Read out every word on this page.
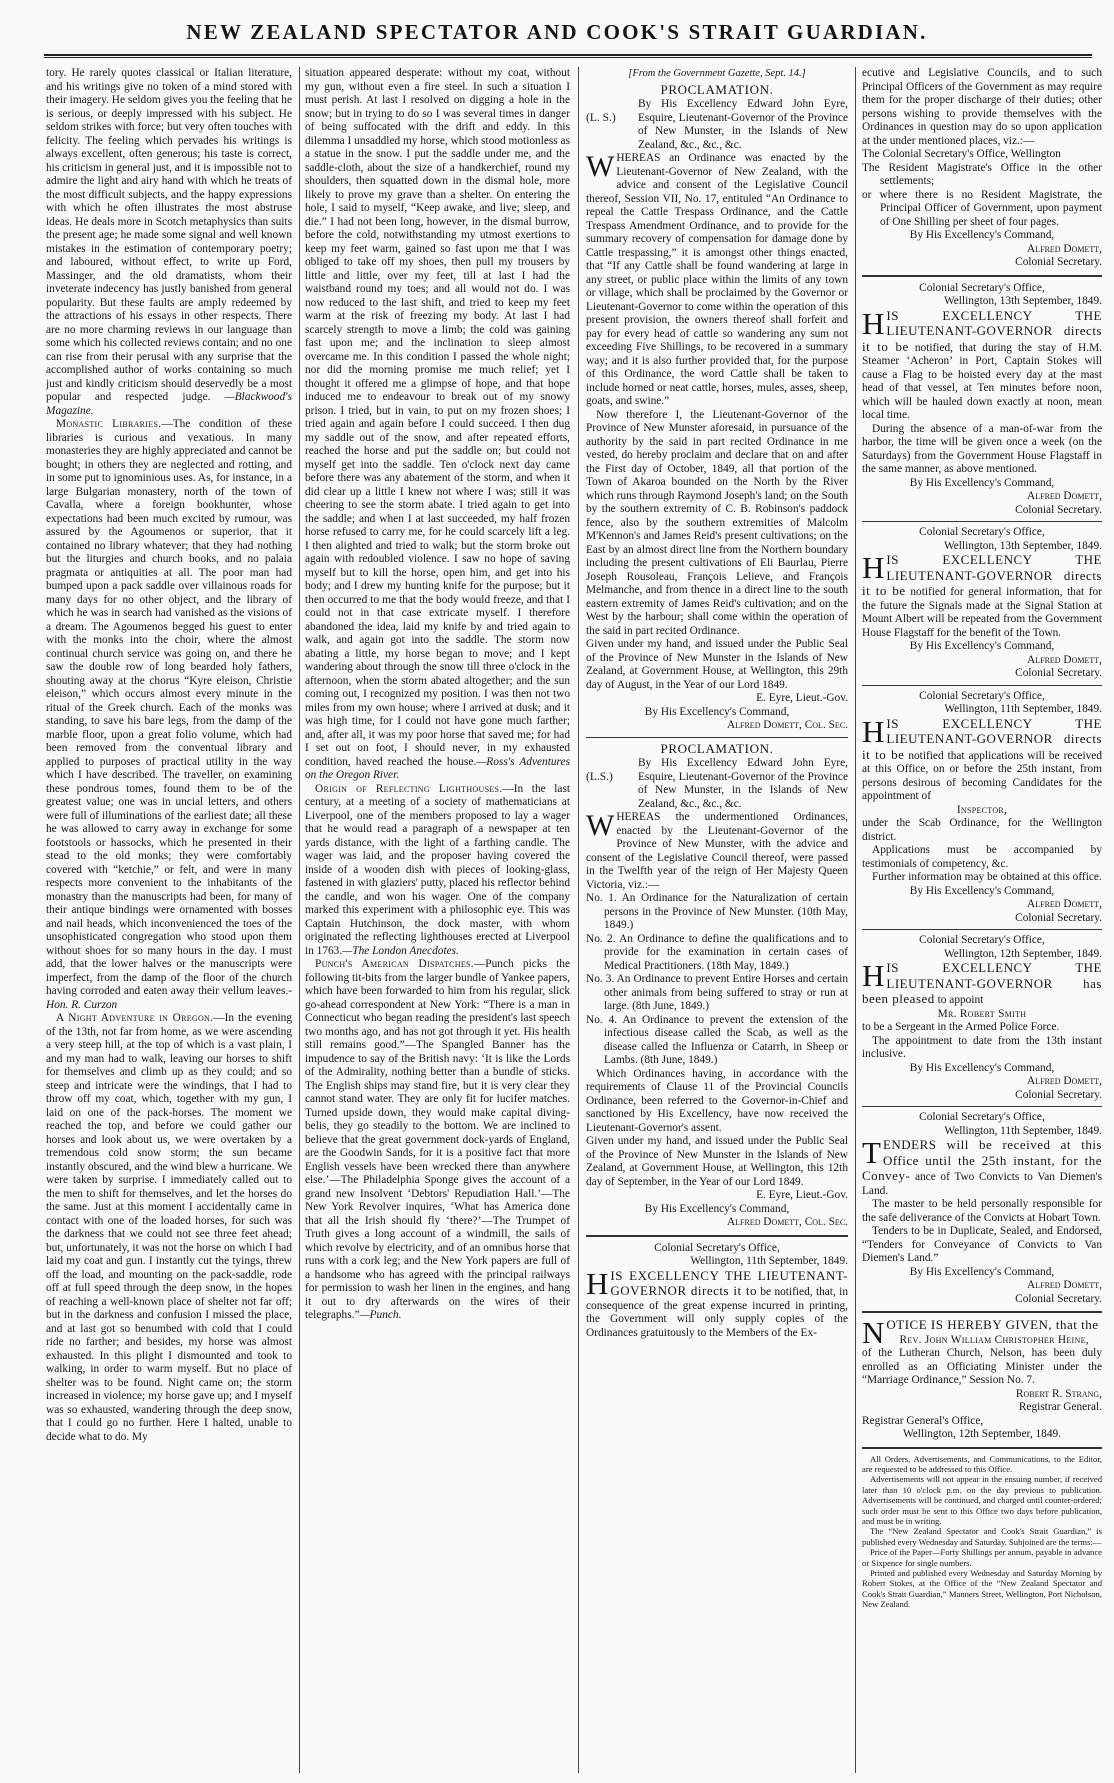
NEW ZEALAND SPECTATOR AND COOK'S STRAIT GUARDIAN.

tory. He rarely quotes classical or Italian literature, and his writings give no token of a mind stored with their imagery. He seldom gives you the feeling that he is serious, or deeply impressed with his subject. He seldom strikes with force; but very often touches with felicity. The feeling which pervades his writings is always excellent, often generous; his taste is correct, his criticism in general just, and it is impossible not to admire the light and airy hand with which he treats of the most difficult subjects, and the happy expressions with which he often illustrates the most abstruse ideas. He deals more in Scotch metaphysics than suits the present age; he made some signal and well known mistakes in the estimation of contemporary poetry; and laboured, without effect, to write up Ford, Massinger, and the old dramatists, whom their inveterate indecency has justly banished from general popularity. But these faults are amply redeemed by the attractions of his essays in other respects. There are no more charming reviews in our language than some which his collected reviews contain; and no one can rise from their perusal with any surprise that the accomplished author of works containing so much just and kindly criticism should deservedly be a most popular and respected judge. —Blackwood's Magazine.

Monastic Libraries.—The condition of these libraries is curious and vexatious. In many monasteries they are highly appreciated and cannot be bought; in others they are neglected and rotting, and in some put to ignominious uses. As, for instance, in a large Bulgarian monastery, north of the town of Cavalla, where a foreign bookhunter, whose expectations had been much excited by rumour, was assured by the Agoumenos or superior, that it contained no library whatever; that they had nothing but the liturgies and church books, and no palaia pragmata or antiquities at all. The poor man had bumped upon a pack saddle over villainous roads for many days for no other object, and the library of which he was in search had vanished as the visions of a dream. The Agoumenos begged his guest to enter with the monks into the choir, where the almost continual church service was going on, and there he saw the double row of long bearded holy fathers, shouting away at the chorus “Kyre eleison, Christie eleison,” which occurs almost every minute in the ritual of the Greek church. Each of the monks was standing, to save his bare legs, from the damp of the marble floor, upon a great folio volume, which had been removed from the conventual library and applied to purposes of practical utility in the way which I have described. The traveller, on examining these pondrous tomes, found them to be of the greatest value; one was in uncial letters, and others were full of illuminations of the earliest date; all these he was allowed to carry away in exchange for some footstools or hassocks, which he presented in their stead to the old monks; they were comfortably covered with “ketchie,” or felt, and were in many respects more convenient to the inhabitants of the monastry than the manuscripts had been, for many of their antique bindings were ornamented with bosses and nail heads, which inconvenienced the toes of the unsophisticated congregation who stood upon them without shoes for so many hours in the day. I must add, that the lower halves or the manuscripts were imperfect, from the damp of the floor of the church having corroded and eaten away their vellum leaves.-Hon. R. Curzon

A Night Adventure in Oregon.—In the evening of the 13th, not far from home, as we were ascending a very steep hill, at the top of which is a vast plain, I and my man had to walk, leaving our horses to shift for themselves and climb up as they could; and so steep and intricate were the windings, that I had to throw off my coat, which, together with my gun, I laid on one of the pack-horses. The moment we reached the top, and before we could gather our horses and look about us, we were overtaken by a tremendous cold snow storm; the sun became instantly obscured, and the wind blew a hurricane. We were taken by surprise. I immediately called out to the men to shift for themselves, and let the horses do the same. Just at this moment I accidentally came in contact with one of the loaded horses, for such was the darkness that we could not see three feet ahead; but, unfortunately, it was not the horse on which I had laid my coat and gun. I instantly cut the tyings, threw off the load, and mounting on the pack-saddle, rode off at full speed through the deep snow, in the hopes of reaching a well-known place of shelter not far off; but in the darkness and confusion I missed the place, and at last got so benumbed with cold that I could ride no farther; and besides, my horse was almost exhausted. In this plight I dismounted and took to walking, in order to warm myself. But no place of shelter was to be found. Night came on; the storm increased in violence; my horse gave up; and I myself was so exhausted, wandering through the deep snow, that I could go no further. Here I halted, unable to decide what to do. My

situation appeared desperate: without my coat, without my gun, without even a fire steel. In such a situation I must perish. At last I resolved on digging a hole in the snow; but in trying to do so I was several times in danger of being suffocated with the drift and eddy. In this dilemma I unsaddled my horse, which stood motionless as a statue in the snow. I put the saddle under me, and the saddle-cloth, about the size of a handkerchief, round my shoulders, then squatted down in the dismal hole, more likely to prove my grave than a shelter. On entering the hole, I said to myself, “Keep awake, and live; sleep, and die.” I had not been long, however, in the dismal burrow, before the cold, notwithstanding my utmost exertions to keep my feet warm, gained so fast upon me that I was obliged to take off my shoes, then pull my trousers by little and little, over my feet, till at last I had the waistband round my toes; and all would not do. I was now reduced to the last shift, and tried to keep my feet warm at the risk of freezing my body. At last I had scarcely strength to move a limb; the cold was gaining fast upon me; and the inclination to sleep almost overcame me. In this condition I passed the whole night; nor did the morning promise me much relief; yet I thought it offered me a glimpse of hope, and that hope induced me to endeavour to break out of my snowy prison. I tried, but in vain, to put on my frozen shoes; I tried again and again before I could succeed. I then dug my saddle out of the snow, and after repeated efforts, reached the horse and put the saddle on; but could not myself get into the saddle. Ten o'clock next day came before there was any abatement of the storm, and when it did clear up a little I knew not where I was; still it was cheering to see the storm abate. I tried again to get into the saddle; and when I at last succeeded, my half frozen horse refused to carry me, for he could scarcely lift a leg. I then alighted and tried to walk; but the storm broke out again with redoubled violence. I saw no hope of saving myself but to kill the horse, open him, and get into his body; and I drew my hunting knife for the purpose; but it then occurred to me that the body would freeze, and that I could not in that case extricate myself. I therefore abandoned the idea, laid my knife by and tried again to walk, and again got into the saddle. The storm now abating a little, my horse began to move; and I kept wandering about through the snow till three o'clock in the afternoon, when the storm abated altogether; and the sun coming out, I recognized my position. I was then not two miles from my own house; where I arrived at dusk; and it was high time, for I could not have gone much farther; and, after all, it was my poor horse that saved me; for had I set out on foot, I should never, in my exhausted condition, haved reached the house.—Ross's Adventures on the Oregon River.

Origin of Reflecting Lighthouses.—In the last century, at a meeting of a society of mathematicians at Liverpool, one of the members proposed to lay a wager that he would read a paragraph of a newspaper at ten yards distance, with the light of a farthing candle. The wager was laid, and the proposer having covered the inside of a wooden dish with pieces of looking-glass, fastened in with glaziers' putty, placed his reflector behind the candle, and won his wager. One of the company marked this experiment with a philosophic eye. This was Captain Hutchinson, the dock master, with whom originated the reflecting lighthouses erected at Liverpool in 1763.—The London Anecdotes.

Punch's American Dispatches.—Punch picks the following tit-bits from the larger bundle of Yankee papers, which have been forwarded to him from his regular, slick go-ahead correspondent at New York: “There is a man in Connecticut who began reading the president's last speech two months ago, and has not got through it yet. His health still remains good.”—The Spangled Banner has the impudence to say of the British navy: ‘It is like the Lords of the Admirality, nothing better than a bundle of sticks. The English ships may stand fire, but it is very clear they cannot stand water. They are only fit for lucifer matches. Turned upside down, they would make capital diving-belis, they go steadily to the bottom. We are inclined to believe that the great government dock-yards of England, are the Goodwin Sands, for it is a positive fact that more English vessels have been wrecked there than anywhere else.’—The Philadelphia Sponge gives the account of a grand new Insolvent ‘Debtors' Repudiation Hall.’—The New York Revolver inquires, ‘What has America done that all the Irish should fly ‘there?’—The Trumpet of Truth gives a long account of a windmill, the sails of which revolve by electricity, and of an omnibus horse that runs with a cork leg; and the New York papers are full of a handsome who has agreed with the principal railways for permission to wash her linen in the engines, and hang it out to dry afterwards on the wires of their telegraphs.”—Punch.

[From the Government Gazette, Sept. 14.]

PROCLAMATION.
(L. S.)
By His Excellency Edward John Eyre, Esquire, Lieutenant-Governor of the Province of New Munster, in the Islands of New Zealand, &c., &c., &c.

WHEREAS an Ordinance was enacted by the Lieutenant-Governor of New Zealand, with the advice and consent of the Legislative Council thereof, Session VII, No. 17, entituled “An Ordinance to repeal the Cattle Trespass Ordinance, and the Cattle Trespass Amendment Ordinance, and to provide for the summary recovery of compensation for damage done by Cattle trespassing,” it is amongst other things enacted, that “If any Cattle shall be found wandering at large in any street, or public place within the limits of any town or village, which shall be proclaimed by the Governor or Lieutenant-Governor to come within the operation of this present provision, the owners thereof shall forfeit and pay for every head of cattle so wandering any sum not exceeding Five Shillings, to be recovered in a summary way; and it is also further provided that, for the purpose of this Ordinance, the word Cattle shall be taken to include horned or neat cattle, horses, mules, asses, sheep, goats, and swine.”

Now therefore I, the Lieutenant-Governor of the Province of New Munster aforesaid, in pursuance of the authority by the said in part recited Ordinance in me vested, do hereby proclaim and declare that on and after the First day of October, 1849, all that portion of the Town of Akaroa bounded on the North by the River which runs through Raymond Joseph's land; on the South by the southern extremity of C. B. Robinson's paddock fence, also by the southern extremities of Malcolm M'Kennon's and James Reid's present cultivations; on the East by an almost direct line from the Northern boundary including the present cultivations of Eli Baurlau, Pierre Joseph Rousoleau, François Lelieve, and François Melmanche, and from thence in a direct line to the south eastern extremity of James Reid's cultivation; and on the West by the harbour; shall come within the operation of the said in part recited Ordinance.

Given under my hand, and issued under the Public Seal of the Province of New Munster in the Islands of New Zealand, at Government House, at Wellington, this 29th day of August, in the Year of our Lord 1849.

E. Eyre, Lieut.-Gov.

By His Excellency's Command,

Alfred Domett, Col. Sec.

PROCLAMATION.
(L.S.)
By His Excellency Edward John Eyre, Esquire, Lieutenant-Governor of the Province of New Munster, in the Islands of New Zealand, &c., &c., &c.

WHEREAS the undermentioned Ordinances, enacted by the Lieutenant-Governor of the Province of New Munster, with the advice and consent of the Legislative Council thereof, were passed in the Twelfth year of the reign of Her Majesty Queen Victoria, viz.:—

No. 1. An Ordinance for the Naturalization of certain persons in the Province of New Munster. (10th May, 1849.)

No. 2. An Ordinance to define the qualifications and to provide for the examination in certain cases of Medical Practitioners. (18th May, 1849.)

No. 3. An Ordinance to prevent Entire Horses and certain other animals from being suffered to stray or run at large. (8th June, 1849.)

No. 4. An Ordinance to prevent the extension of the infectious disease called the Scab, as well as the disease called the Influenza or Catarrh, in Sheep or Lambs. (8th June, 1849.)

Which Ordinances having, in accordance with the requirements of Clause 11 of the Provincial Councils Ordinance, been referred to the Governor-in-Chief and sanctioned by His Excellency, have now received the Lieutenant-Governor's assent.

Given under my hand, and issued under the Public Seal of the Province of New Munster in the Islands of New Zealand, at Government House, at Wellington, this 12th day of September, in the Year of our Lord 1849.

E. Eyre, Lieut.-Gov.

By His Excellency's Command,

Alfred Domett, Col. Sec.

Colonial Secretary's Office,

Wellington, 11th September, 1849.

HIS EXCELLENCY THE LIEUTENANT-GOVERNOR directs it to be notified, that, in consequence of the great expense incurred in printing, the Government will only supply copies of the Ordinances gratuitously to the Members of the Ex-

ecutive and Legislative Councils, and to such Principal Officers of the Government as may require them for the proper discharge of their duties; other persons wishing to provide themselves with the Ordinances in question may do so upon application at the under mentioned places, viz.:—

The Colonial Secretary's Office, Wellington

The Resident Magistrate's Office in the other settlements;

or where there is no Resident Magistrate, the Principal Officer of Government, upon payment of One Shilling per sheet of four pages.

By His Excellency's Command,

Alfred Domett,

Colonial Secretary.

Colonial Secretary's Office,

Wellington, 13th September, 1849.

HIS EXCELLENCY THE LIEUTENANT-GOVERNOR directs it to be notified, that during the stay of H.M. Steamer ‘Acheron’ in Port, Captain Stokes will cause a Flag to be hoisted every day at the mast head of that vessel, at Ten minutes before noon, which will be hauled down exactly at noon, mean local time.

During the absence of a man-of-war from the harbor, the time will be given once a week (on the Saturdays) from the Government House Flagstaff in the same manner, as above mentioned.

By His Excellency's Command,

Alfred Domett,

Colonial Secretary.

Colonial Secretary's Office,

Wellington, 13th September, 1849.

HIS EXCELLENCY THE LIEUTENANT-GOVERNOR directs it to be notified for general information, that for the future the Signals made at the Signal Station at Mount Albert will be repeated from the Government House Flagstaff for the benefit of the Town.

By His Excellency's Command,

Alfred Domett,

Colonial Secretary.

Colonial Secretary's Office,

Wellington, 11th September, 1849.

HIS EXCELLENCY THE LIEUTENANT-GOVERNOR directs it to be notified that applications will be received at this Office, on or before the 25th instant, from persons desirous of becoming Candidates for the appointment of

Inspector,

under the Scab Ordinance, for the Wellington district.

Applications must be accompanied by testimonials of competency, &c.

Further information may be obtained at this office.

By His Excellency's Command,

Alfred Domett,

Colonial Secretary.

Colonial Secretary's Office,

Wellington, 12th September, 1849.

HIS EXCELLENCY THE LIEUTENANT-GOVERNOR has been pleased to appoint

Mr. Robert Smith

to be a Sergeant in the Armed Police Force.

The appointment to date from the 13th instant inclusive.

By His Excellency's Command,

Alfred Domett,

Colonial Secretary.

Colonial Secretary's Office,

Wellington, 11th September, 1849.

TENDERS will be received at this Office until the 25th instant, for the Convey- ance of Two Convicts to Van Diemen's Land.

The master to be held personally responsible for the safe deliverance of the Convicts at Hobart Town.

Tenders to be in Duplicate, Sealed, and Endorsed, “Tenders for Conveyance of Convicts to Van Diemen's Land.”

By His Excellency's Command,

Alfred Domett,

Colonial Secretary.

NOTICE IS HEREBY GIVEN, that the

Rev. John William Christopher Heine,

of the Lutheran Church, Nelson, has been duly enrolled as an Officiating Minister under the “Marriage Ordinance,” Session No. 7.

Robert R. Strang,

Registrar General.

Registrar General's Office,

Wellington, 12th September, 1849.

All Orders, Advertisements, and Communications, to the Editor, are requested to be addressed to this Office.

Advertisements will not appear in the ensuing number, if received later than 10 o'clock p.m. on the day previous to publication. Advertisements will be continued, and charged until counter-ordered; such order must be sent to this Office two days before publication, and must be in writing.

The “New Zealand Spectator and Cook's Strait Guardian,” is published every Wednesday and Saturday. Subjoined are the terms:—

Price of the Paper—Forty Shillings per annum, payable in advance or Sixpence for single numbers.

Printed and published every Wednesday and Saturday Morning by Robert Stokes, at the Office of the “New Zealand Spectator and Cook's Strait Guardian,” Manners Street, Wellington, Port Nicholson, New Zealand.
